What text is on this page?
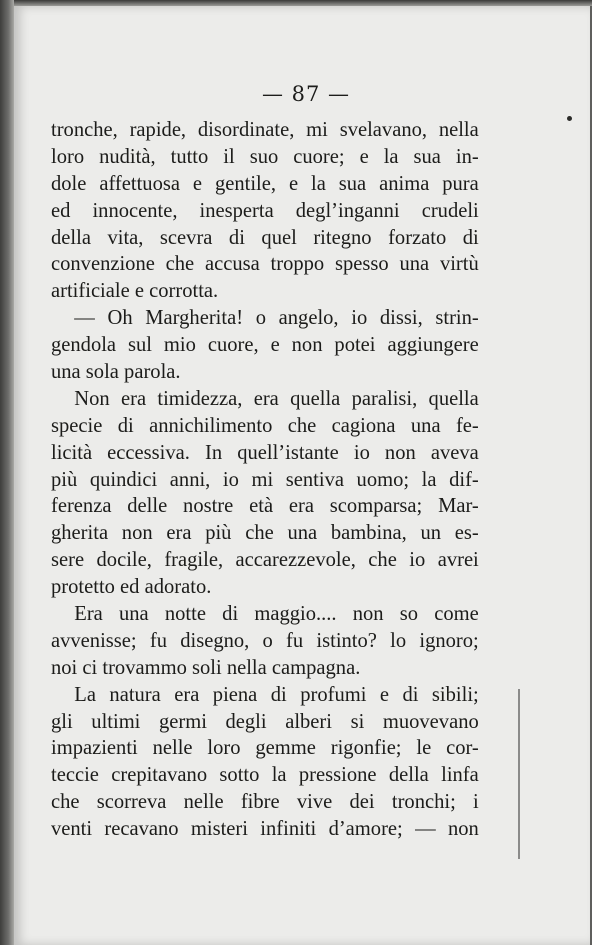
— 87 —
tronche, rapide, disordinate, mi svelavano, nella
loro nudità, tutto il suo cuore; e la sua in-
dole affettuosa e gentile, e la sua anima pura
ed innocente, inesperta degl’inganni crudeli
della vita, scevra di quel ritegno forzato di
convenzione che accusa troppo spesso una virtù
artificiale e corrotta.
— Oh Margherita! o angelo, io dissi, strin-
gendola sul mio cuore, e non potei aggiungere
una sola parola.
Non era timidezza, era quella paralisi, quella
specie di annichilimento che cagiona una fe-
licità eccessiva. In quell’istante io non aveva
più quindici anni, io mi sentiva uomo; la dif-
ferenza delle nostre età era scomparsa; Mar-
gherita non era più che una bambina, un es-
sere docile, fragile, accarezzevole, che io avrei
protetto ed adorato.
Era una notte di maggio.... non so come
avvenisse; fu disegno, o fu istinto? lo ignoro;
noi ci trovammo soli nella campagna.
La natura era piena di profumi e di sibili;
gli ultimi germi degli alberi si muovevano
impazienti nelle loro gemme rigonfie; le cor-
teccie crepitavano sotto la pressione della linfa
che scorreva nelle fibre vive dei tronchi; i
venti recavano misteri infiniti d’amore; — non
